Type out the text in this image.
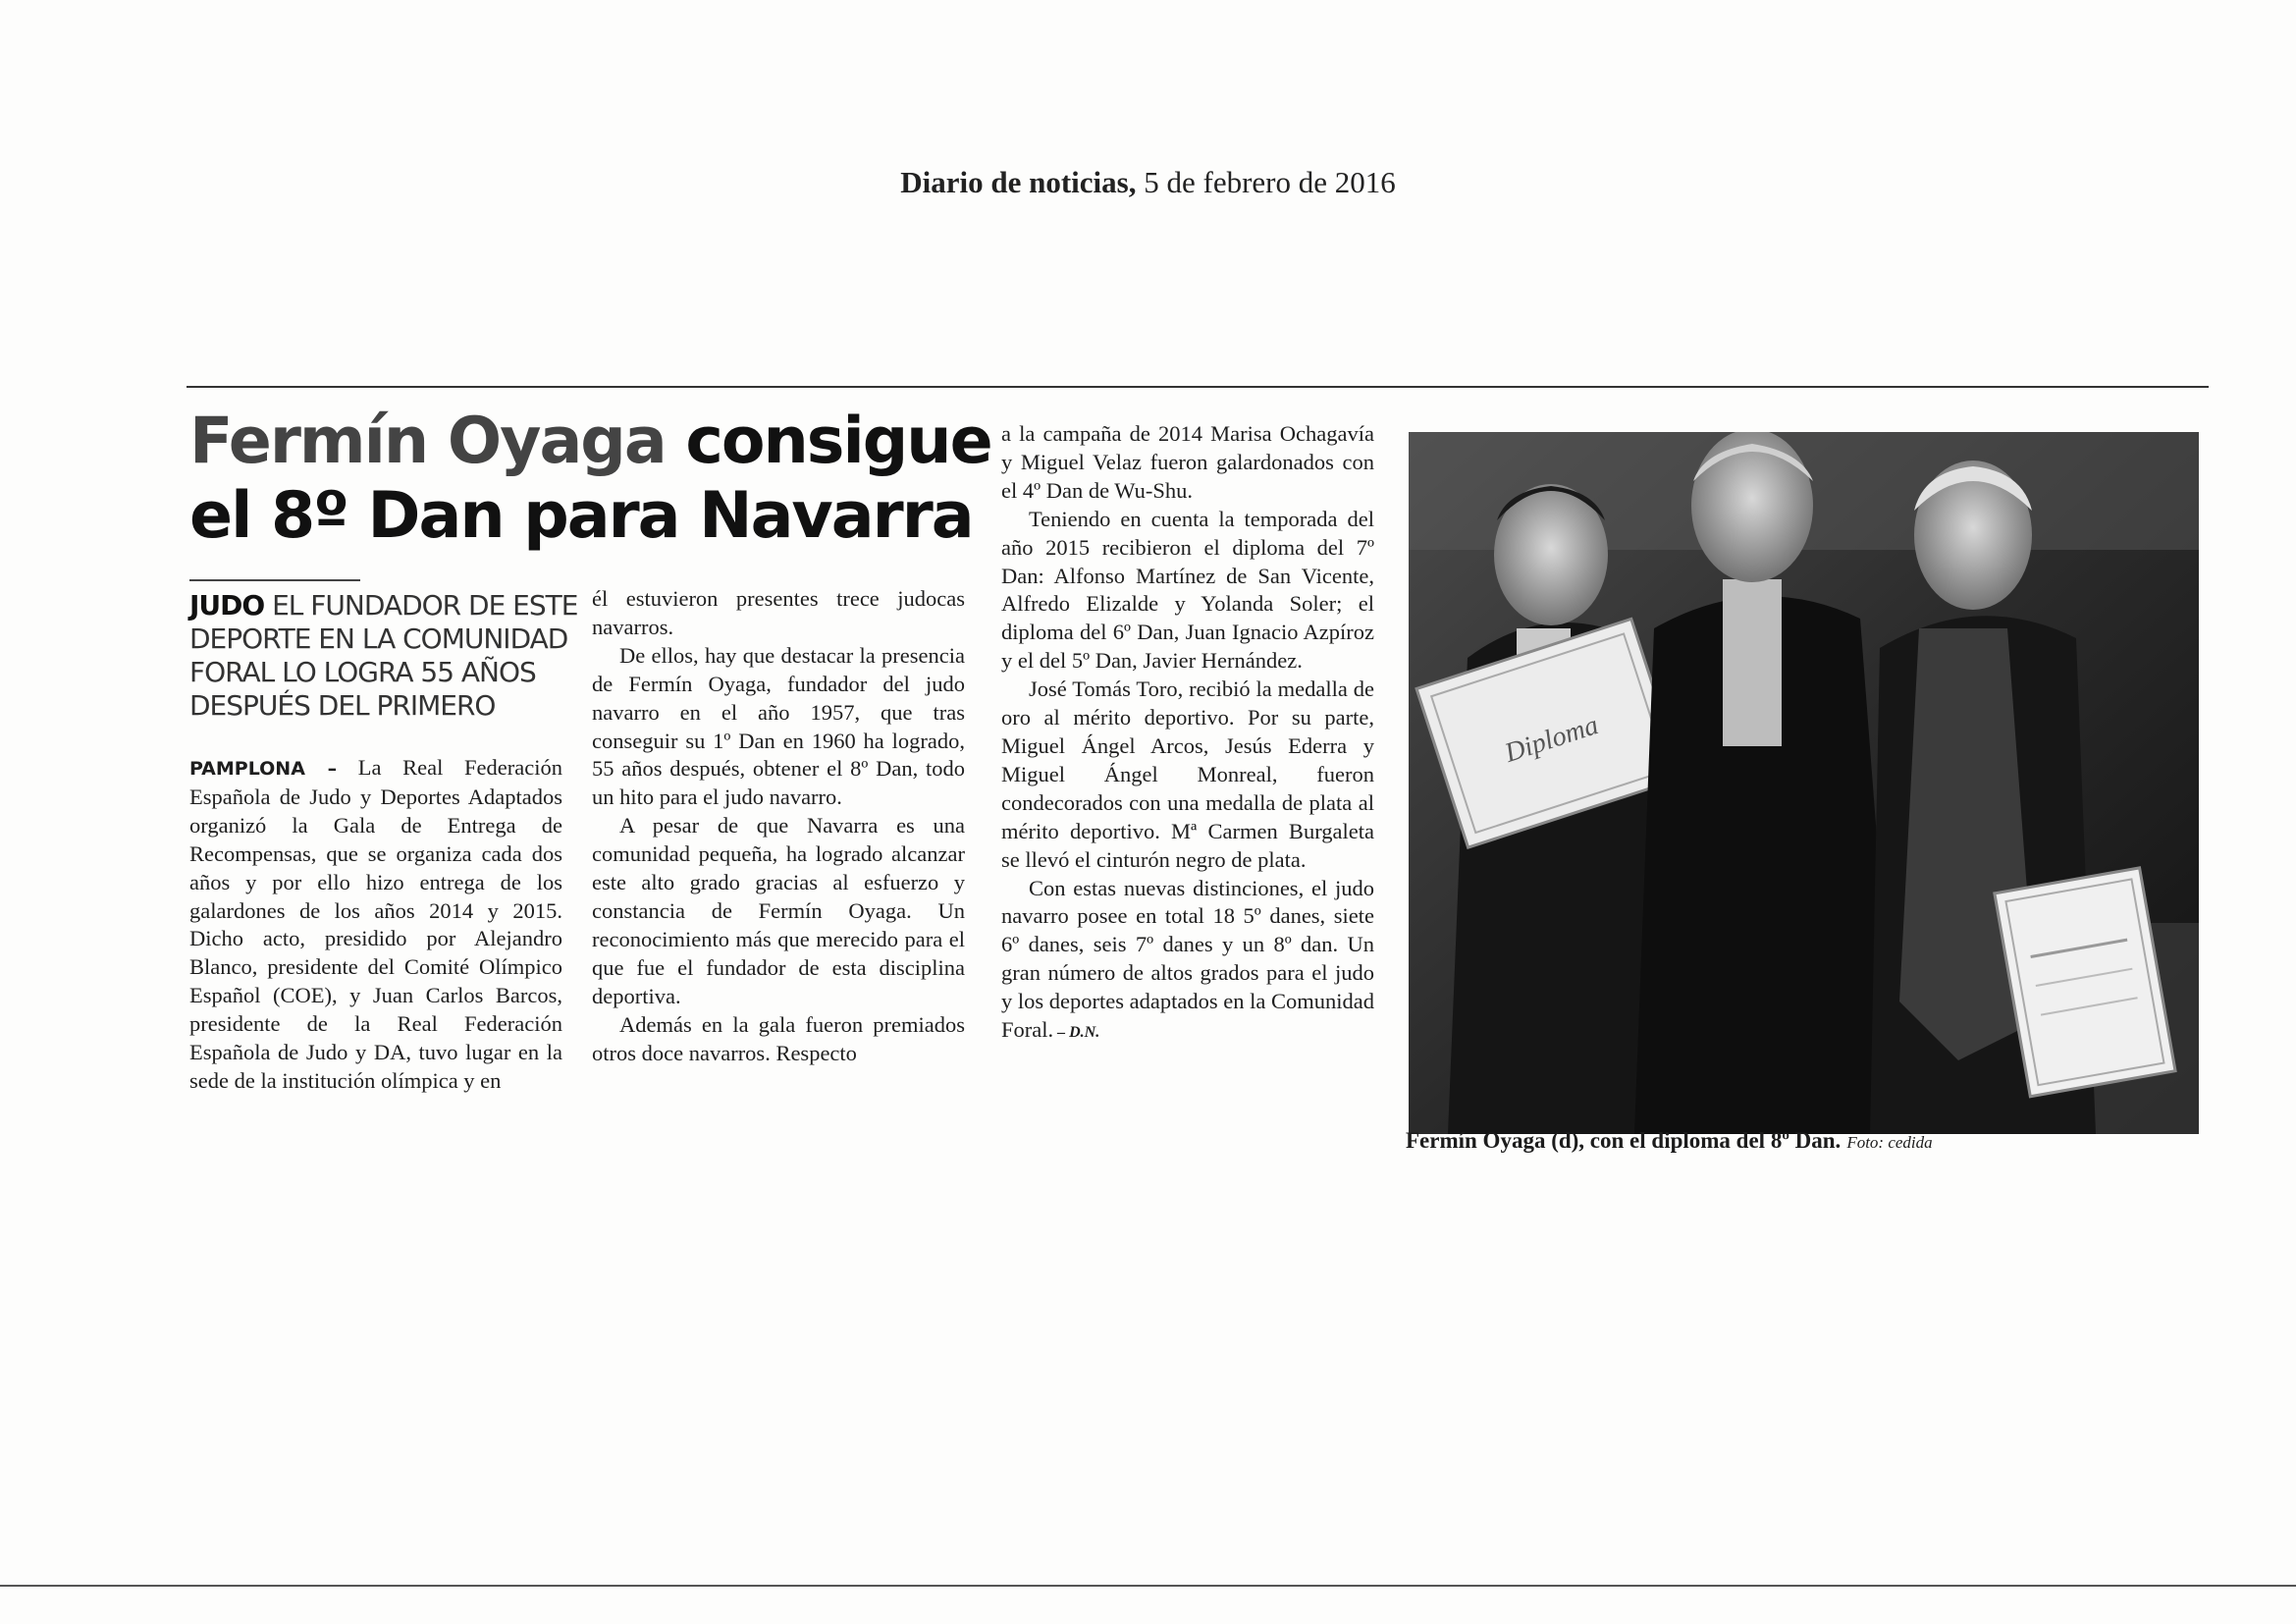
Diario de noticias, 5 de febrero de 2016
Fermín Oyaga consigue
el 8º Dan para Navarra
JUDO EL FUNDADOR DE ESTE DEPORTE EN LA COMUNIDAD FORAL LO LOGRA 55 AÑOS DESPUÉS DEL PRIMERO

PAMPLONA – La Real Federación Española de Judo y Deportes Adaptados organizó la Gala de Entrega de Recompensas, que se organiza cada dos años y por ello hizo entrega de los galardones de los años 2014 y 2015. Dicho acto, presidido por Alejandro Blanco, presidente del Comité Olímpico Español (COE), y Juan Carlos Barcos, presidente de la Real Federación Española de Judo y DA, tuvo lugar en la sede de la institución olímpica y en

él estuvieron presentes trece judocas navarros.

De ellos, hay que destacar la presencia de Fermín Oyaga, fundador del judo navarro en el año 1957, que tras conseguir su 1º Dan en 1960 ha logrado, 55 años después, obtener el 8º Dan, todo un hito para el judo navarro.

A pesar de que Navarra es una comunidad pequeña, ha logrado alcanzar este alto grado gracias al esfuerzo y constancia de Fermín Oyaga. Un reconocimiento más que merecido para el que fue el fundador de esta disciplina deportiva.

Además en la gala fueron premiados otros doce navarros. Respecto

a la campaña de 2014 Marisa Ochagavía y Miguel Velaz fueron galardonados con el 4º Dan de Wu-Shu.

Teniendo en cuenta la temporada del año 2015 recibieron el diploma del 7º Dan: Alfonso Martínez de San Vicente, Alfredo Elizalde y Yolanda Soler; el diploma del 6º Dan, Juan Ignacio Azpíroz y el del 5º Dan, Javier Hernández.

José Tomás Toro, recibió la medalla de oro al mérito deportivo. Por su parte, Miguel Ángel Arcos, Jesús Ederra y Miguel Ángel Monreal, fueron condecorados con una medalla de plata al mérito deportivo. Mª Carmen Burgaleta se llevó el cinturón negro de plata.

Con estas nuevas distinciones, el judo navarro posee en total 18 5º danes, siete 6º danes, seis 7º danes y un 8º dan. Un gran número de altos grados para el judo y los deportes adaptados en la Comunidad Foral. – D.N.

Diploma
Fermín Oyaga (d), con el diploma del 8º Dan. Foto: cedida
